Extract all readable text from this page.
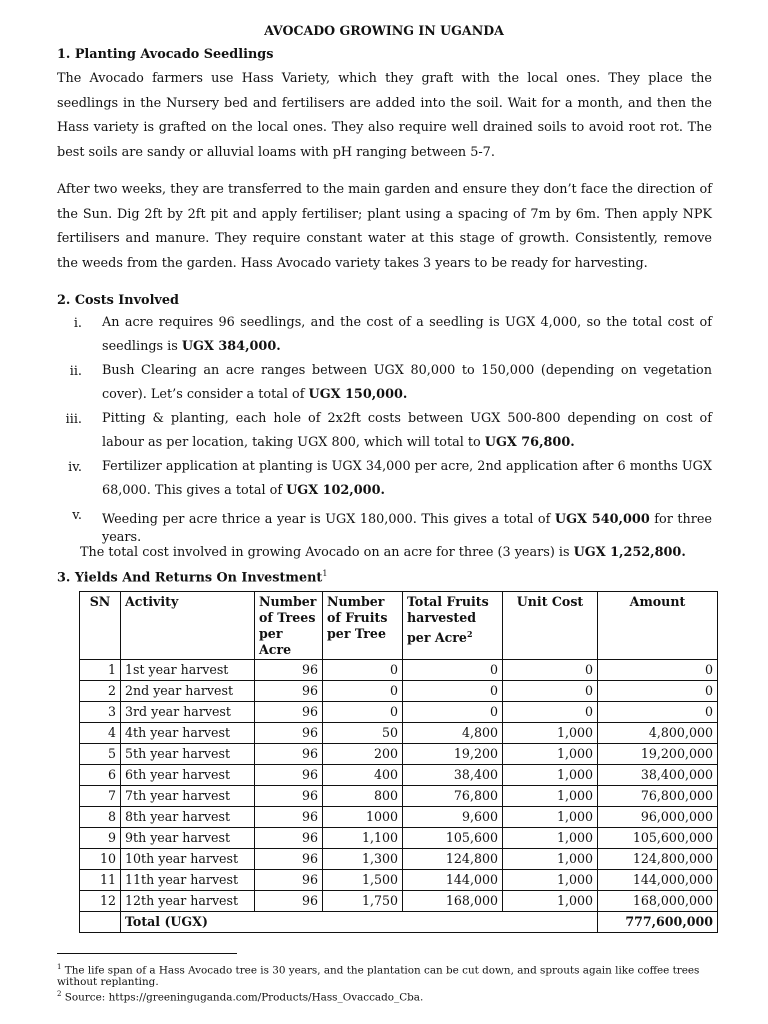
AVOCADO GROWING IN UGANDA
1. Planting Avocado Seedlings
The Avocado farmers use Hass Variety, which they graft with the local ones. They place the seedlings in the Nursery bed and fertilisers are added into the soil. Wait for a month, and then the Hass variety is grafted on the local ones. They also require well drained soils to avoid root rot. The best soils are sandy or alluvial loams with pH ranging between 5-7.
After two weeks, they are transferred to the main garden and ensure they don’t face the direction of the Sun. Dig 2ft by 2ft pit and apply fertiliser; plant using a spacing of 7m by 6m. Then apply NPK fertilisers and manure. They require constant water at this stage of growth. Consistently, remove the weeds from the garden. Hass Avocado variety takes 3 years to be ready for harvesting.
2. Costs Involved
i. An acre requires 96 seedlings, and the cost of a seedling is UGX 4,000, so the total cost of seedlings is UGX 384,000.
ii. Bush Clearing an acre ranges between UGX 80,000 to 150,000 (depending on vegetation cover). Let’s consider a total of UGX 150,000.
iii. Pitting & planting, each hole of 2x2ft costs between UGX 500-800 depending on cost of labour as per location, taking UGX 800, which will total to UGX 76,800.
iv. Fertilizer application at planting is UGX 34,000 per acre, 2nd application after 6 months UGX 68,000. This gives a total of UGX 102,000.
v. Weeding per acre thrice a year is UGX 180,000. This gives a total of UGX 540,000 for three years.
The total cost involved in growing Avocado on an acre for three (3 years) is UGX 1,252,800.
3. Yields And Returns On Investment$^1$
SN	Activity	Number of Trees per Acre	Number of Fruits per Tree	Total Fruits harvested per Acre$^2$	Unit Cost	Amount
1	1st year harvest	96	0	0	0	0
2	2nd year harvest	96	0	0	0	0
3	3rd year harvest	96	0	0	0	0
4	4th year harvest	96	50	4,800	1,000	4,800,000
5	5th year harvest	96	200	19,200	1,000	19,200,000
6	6th year harvest	96	400	38,400	1,000	38,400,000
7	7th year harvest	96	800	76,800	1,000	76,800,000
8	8th year harvest	96	1000	9,600	1,000	96,000,000
9	9th year harvest	96	1,100	105,600	1,000	105,600,000
10	10th year harvest	96	1,300	124,800	1,000	124,800,000
11	11th year harvest	96	1,500	144,000	1,000	144,000,000
12	12th year harvest	96	1,750	168,000	1,000	168,000,000
	Total (UGX)					777,600,000
$^1$ The life span of a Hass Avocado tree is 30 years, and the plantation can be cut down, and sprouts again like coffee trees without replanting.
$^2$ Source: https://greeninguganda.com/Products/Hass_Ovaccado_Cba.
